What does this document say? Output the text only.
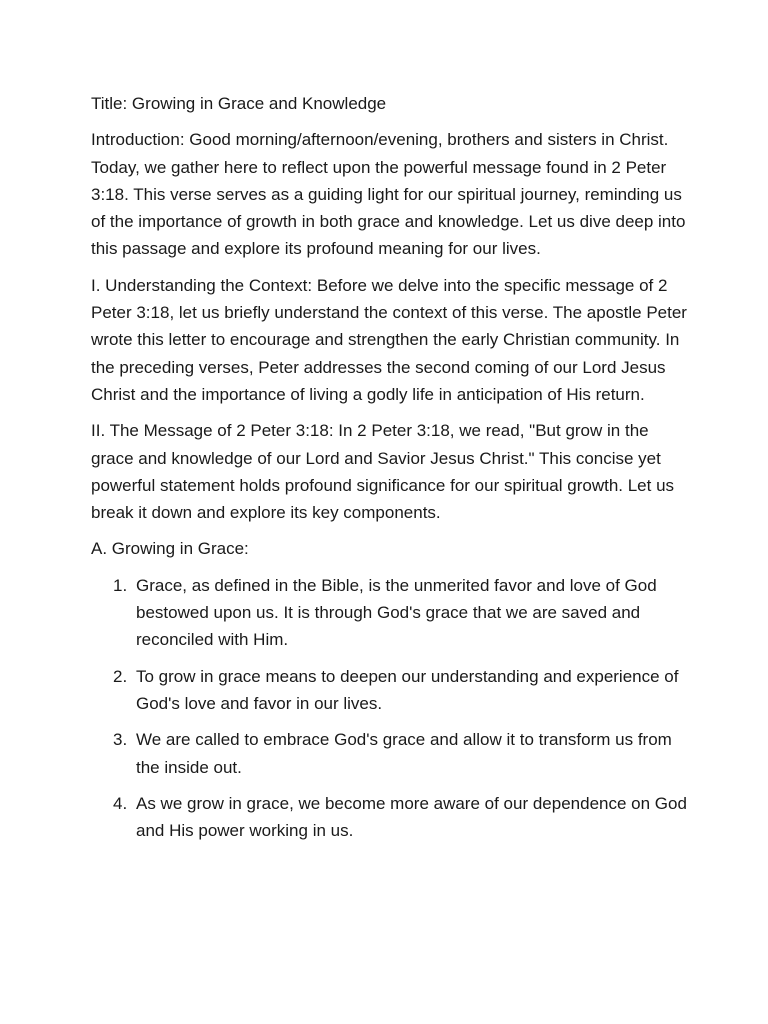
Title: Growing in Grace and Knowledge

Introduction: Good morning/afternoon/evening, brothers and sisters in Christ. Today, we gather here to reflect upon the powerful message found in 2 Peter 3:18. This verse serves as a guiding light for our spiritual journey, reminding us of the importance of growth in both grace and knowledge. Let us dive deep into this passage and explore its profound meaning for our lives.

I. Understanding the Context: Before we delve into the specific message of 2 Peter 3:18, let us briefly understand the context of this verse. The apostle Peter wrote this letter to encourage and strengthen the early Christian community. In the preceding verses, Peter addresses the second coming of our Lord Jesus Christ and the importance of living a godly life in anticipation of His return.

II. The Message of 2 Peter 3:18: In 2 Peter 3:18, we read, "But grow in the grace and knowledge of our Lord and Savior Jesus Christ." This concise yet powerful statement holds profound significance for our spiritual growth. Let us break it down and explore its key components.

A. Growing in Grace:

1. Grace, as defined in the Bible, is the unmerited favor and love of God bestowed upon us. It is through God's grace that we are saved and reconciled with Him.
2. To grow in grace means to deepen our understanding and experience of God's love and favor in our lives.
3. We are called to embrace God's grace and allow it to transform us from the inside out.
4. As we grow in grace, we become more aware of our dependence on God and His power working in us.
